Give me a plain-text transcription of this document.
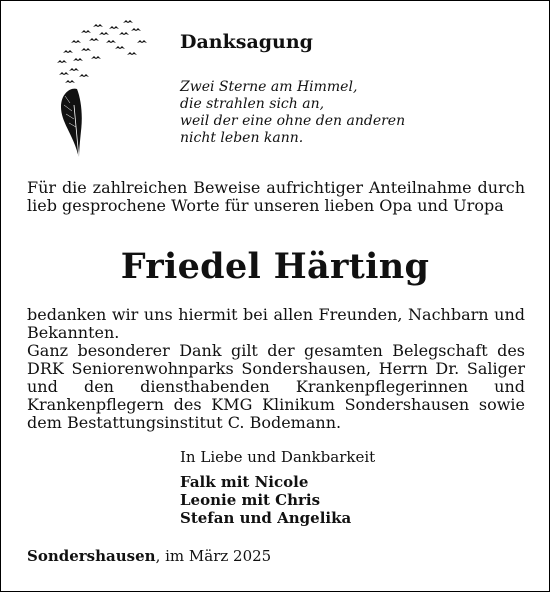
Danksagung
Zwei Sterne am Himmel,
die strahlen sich an,
weil der eine ohne den anderen
nicht leben kann.

Für die zahlreichen Beweise aufrichtiger Anteilnahme durch lieb gesprochene Worte für unseren lieben Opa und Uropa

Friedel Härting

bedanken wir uns hiermit bei allen Freunden, Nachbarn und Bekannten.

Ganz besonderer Dank gilt der gesamten Belegschaft des DRK Seniorenwohnparks Sondershausen, Herrn Dr. Saliger und den diensthabenden Krankenpflegerinnen und Krankenpflegern des KMG Klinikum Sondershausen sowie dem Bestattungsinstitut C. Bodemann.

In Liebe und Dankbarkeit

Falk mit Nicole
Leonie mit Chris
Stefan und Angelika

Sondershausen, im März 2025
